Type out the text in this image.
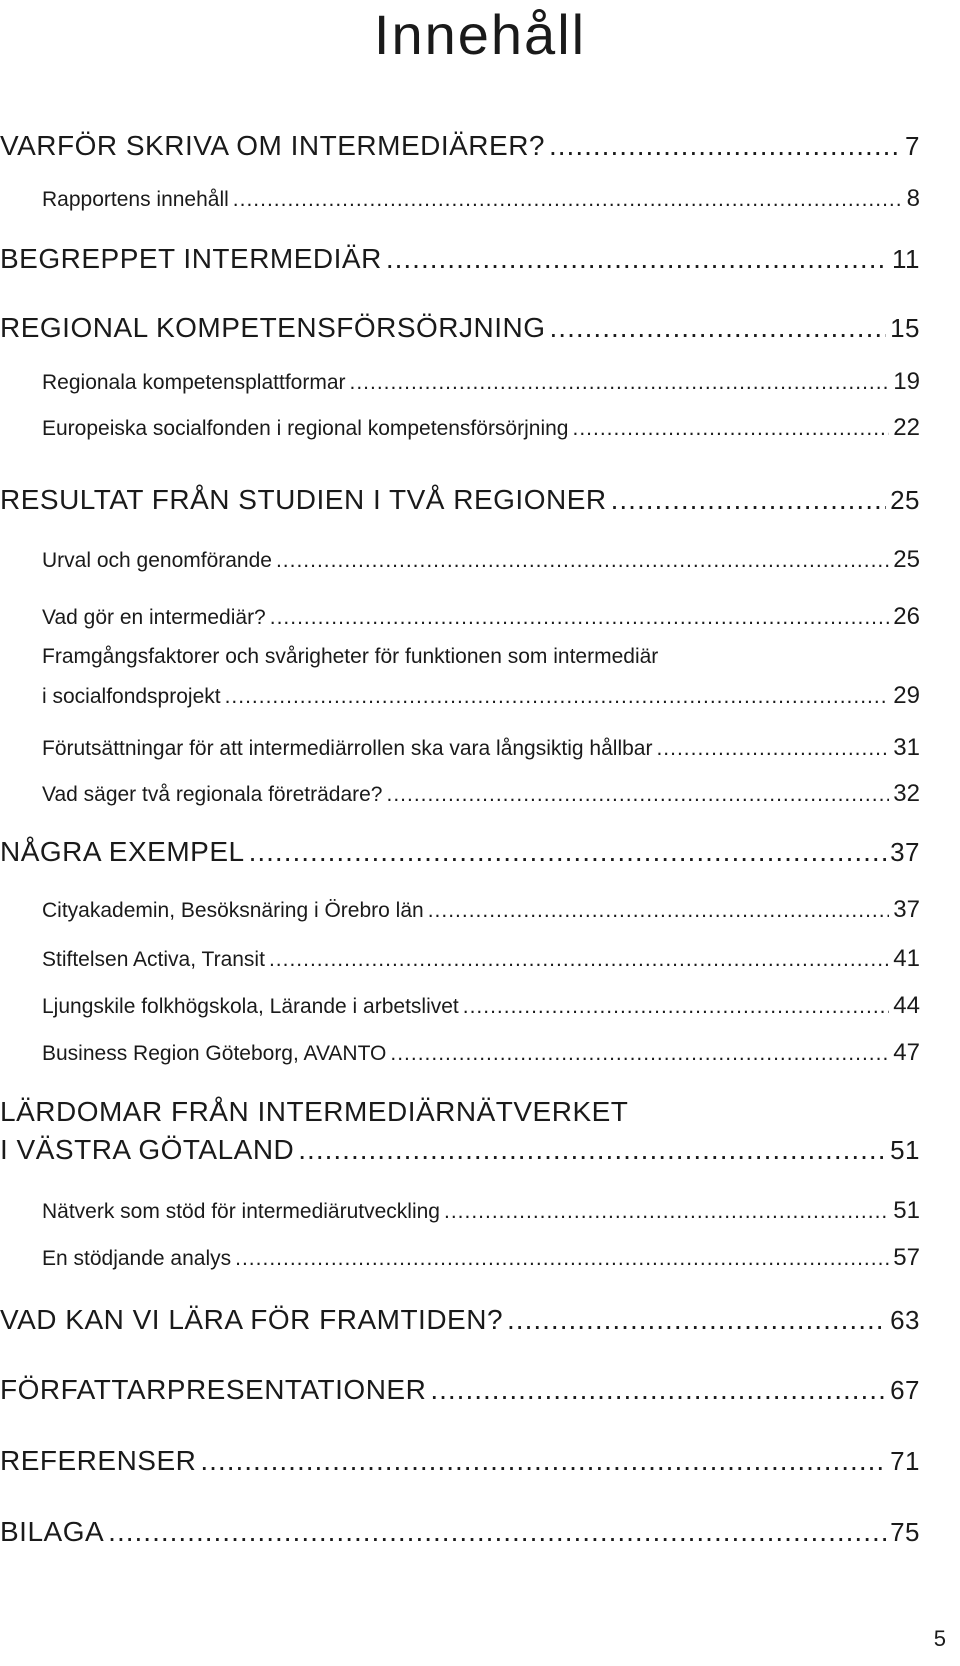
Innehåll
VARFÖR SKRIVA OM INTERMEDIÄRER? .....	7
Rapportens innehåll .....	8
BEGREPPET INTERMEDIÄR .....	11
REGIONAL KOMPETENSFÖRSÖRJNING .....	15
Regionala kompetensplattformar .....	19
Europeiska socialfonden i regional kompetensförsörjning .....	22
RESULTAT FRÅN STUDIEN I TVÅ REGIONER .....	25
Urval och genomförande .....	25
Vad gör en intermediär? .....	26
Framgångsfaktorer och svårigheter för funktionen som intermediär
i socialfondsprojekt .....	29
Förutsättningar för att intermediärrollen ska vara långsiktig hållbar .....	31
Vad säger två regionala företrädare? .....	32
NÅGRA EXEMPEL .....	37
Cityakademin, Besöksnäring i Örebro län .....	37
Stiftelsen Activa, Transit .....	41
Ljungskile folkhögskola, Lärande i arbetslivet .....	44
Business Region Göteborg, AVANTO .....	47
LÄRDOMAR FRÅN INTERMEDIÄRNÄTVERKET
I VÄSTRA GÖTALAND .....	51
Nätverk som stöd för intermediärutveckling .....	51
En stödjande analys .....	57
VAD KAN VI LÄRA FÖR FRAMTIDEN? .....	63
FÖRFATTARPRESENTATIONER .....	67
REFERENSER .....	71
BILAGA .....	75
5
